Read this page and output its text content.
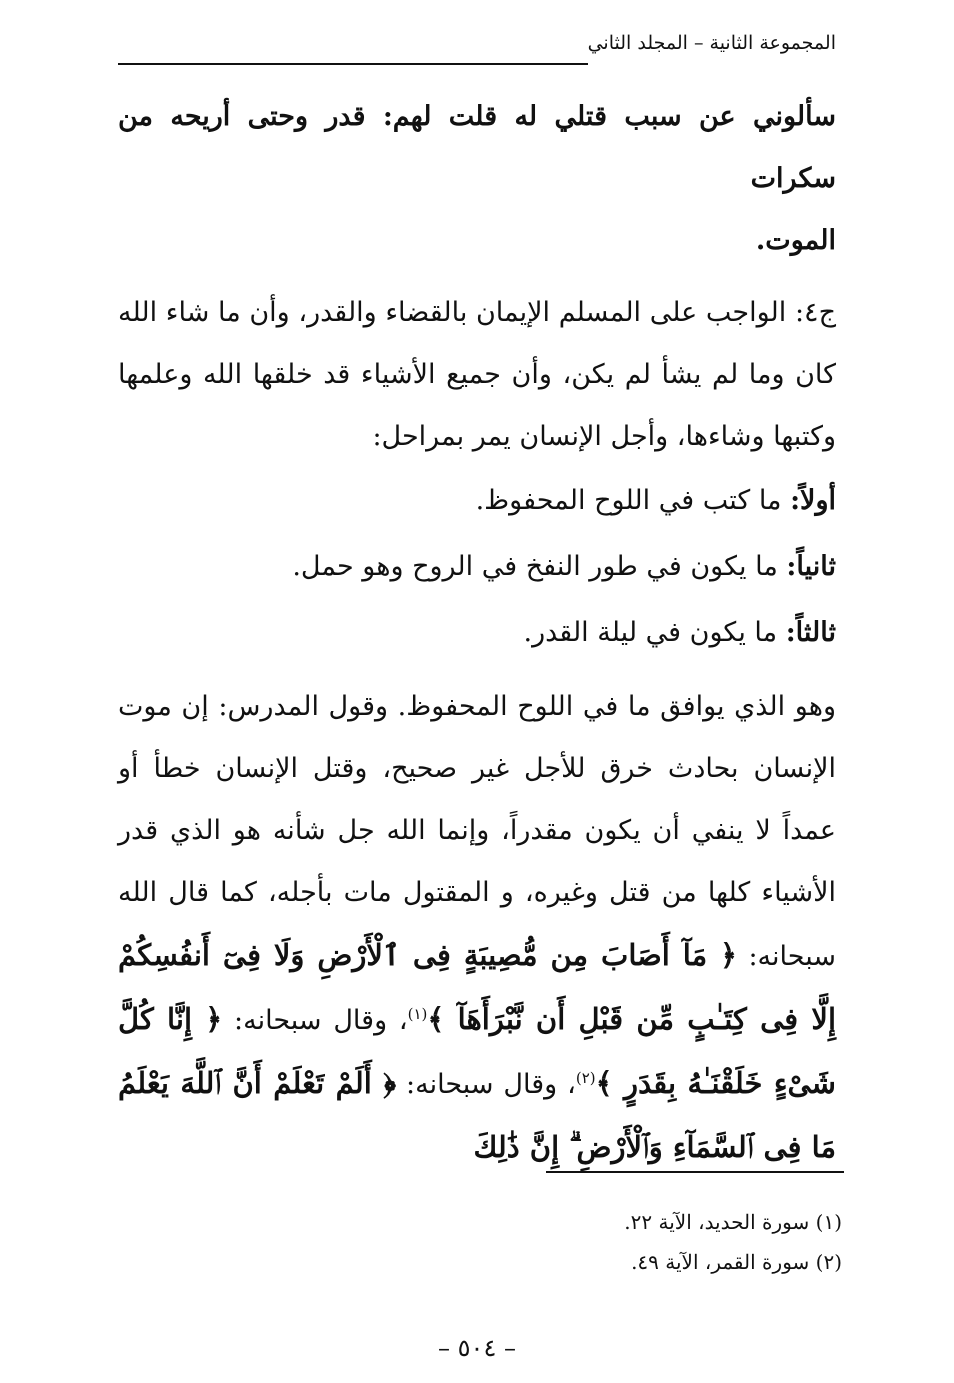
المجموعة الثانية – المجلد الثاني

سألوني عن سبب قتلي له قلت لهم: قدر وحتى أريحه من سكرات

الموت.

ج٤: الواجب على المسلم الإيمان بالقضاء والقدر، وأن ما شاء الله كان وما لم يشأ لم يكن، وأن جميع الأشياء قد خلقها الله وعلمها وكتبها وشاءها، وأجل الإنسان يمر بمراحل:

أولاً: ما كتب في اللوح المحفوظ.

ثانياً: ما يكون في طور النفخ في الروح وهو حمل.

ثالثاً: ما يكون في ليلة القدر.

وهو الذي يوافق ما في اللوح المحفوظ. وقول المدرس: إن موت الإنسان بحادث خرق للأجل غير صحيح، وقتل الإنسان خطأ أو عمداً لا ينفي أن يكون مقدراً، وإنما الله جل شأنه هو الذي قدر الأشياء كلها من قتل وغيره، و المقتول مات بأجله، كما قال الله سبحانه: ﴿ مَآ أَصَابَ مِن مُّصِيبَةٍ فِى ٱلْأَرْضِ وَلَا فِىٓ أَنفُسِكُمْ إِلَّا فِى كِتَـٰبٍ مِّن قَبْلِ أَن نَّبْرَأَهَآ ﴾$^{(١)}$، وقال سبحانه: ﴿ إِنَّا كُلَّ شَىْءٍ خَلَقْنَـٰهُ بِقَدَرٍ ﴾$^{(٢)}$، وقال سبحانه: ﴿ أَلَمْ تَعْلَمْ أَنَّ ٱللَّهَ يَعْلَمُ مَا فِى ٱلسَّمَآءِ وَٱلْأَرْضِ ۗ إِنَّ ذَٰلِكَ

(١) سورة الحديد، الآية ٢٢.

(٢) سورة القمر، الآية ٤٩.

– ٥٠٤ –
